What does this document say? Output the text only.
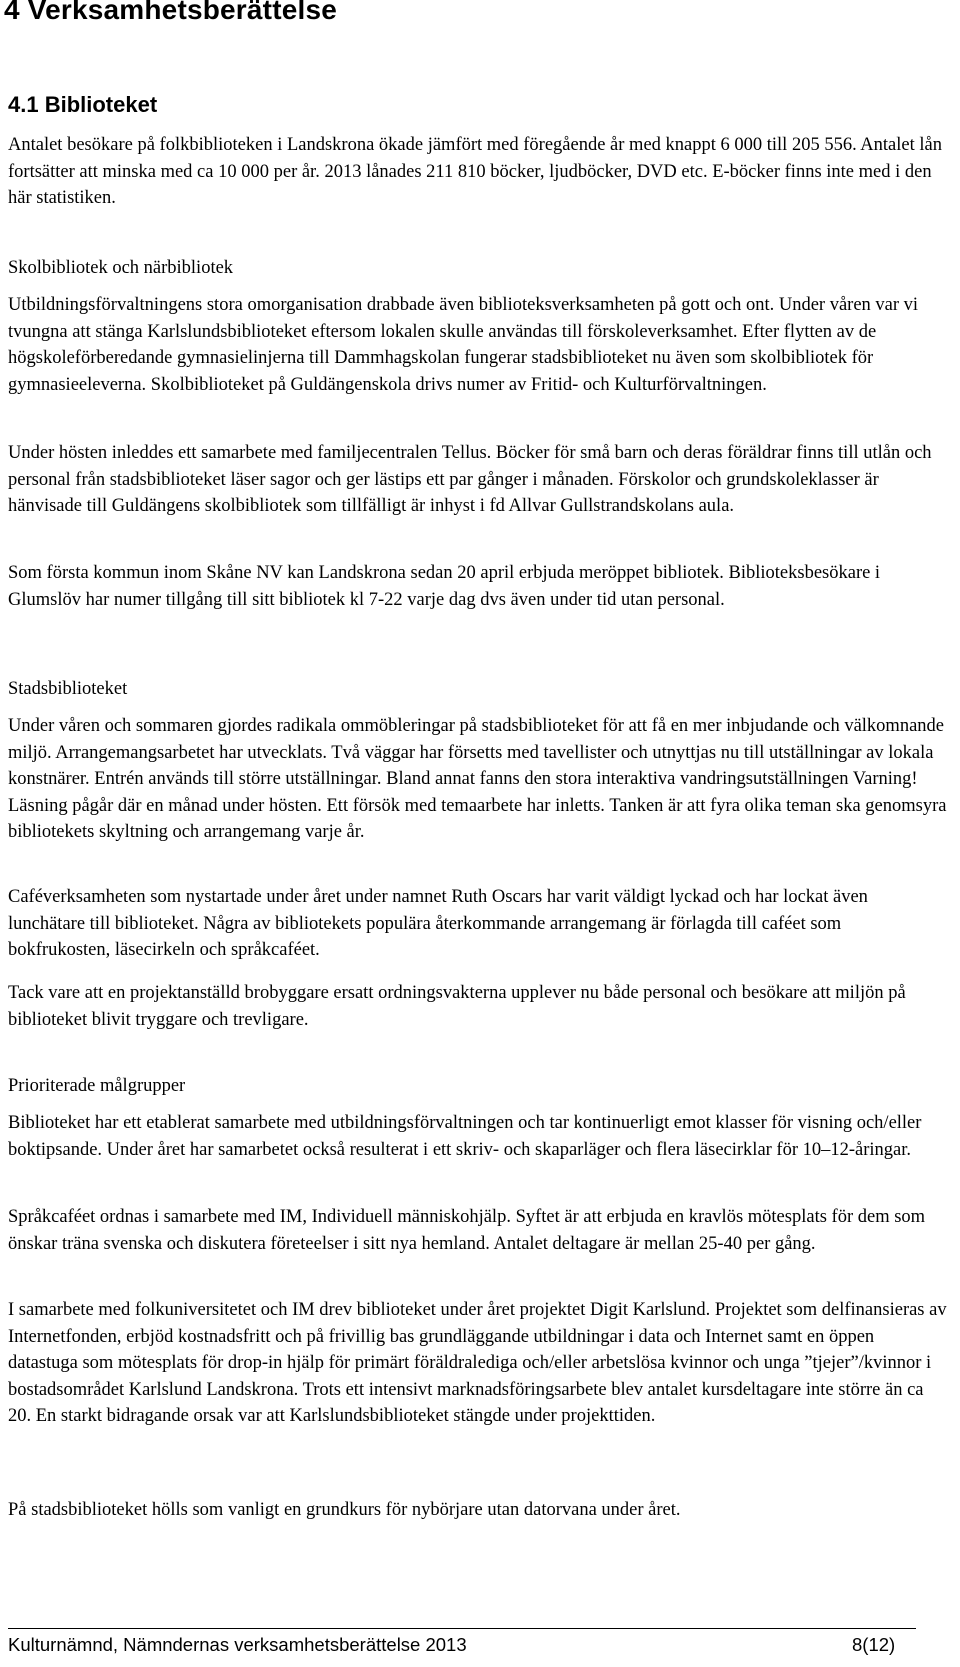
4 Verksamhetsberättelse
4.1 Biblioteket

Antalet besökare på folkbiblioteken i Landskrona ökade jämfört med föregående år med knappt 6 000 till 205 556. Antalet lån fortsätter att minska med ca 10 000 per år. 2013 lånades 211 810 böcker, ljudböcker, DVD etc. E-böcker finns inte med i den här statistiken.

Skolbibliotek och närbibliotek

Utbildningsförvaltningens stora omorganisation drabbade även biblioteksverksamheten på gott och ont. Under våren var vi tvungna att stänga Karlslundsbiblioteket eftersom lokalen skulle användas till förskoleverksamhet. Efter flytten av de högskoleförberedande gymnasielinjerna till Dammhagskolan fungerar stadsbiblioteket nu även som skolbibliotek för gymnasieeleverna. Skolbiblioteket på Guldängenskola drivs numer av Fritid- och Kulturförvaltningen.

Under hösten inleddes ett samarbete med familjecentralen Tellus. Böcker för små barn och deras föräldrar finns till utlån och personal från stadsbiblioteket läser sagor och ger lästips ett par gånger i månaden. Förskolor och grundskoleklasser är hänvisade till Guldängens skolbibliotek som tillfälligt är inhyst i fd Allvar Gullstrandskolans aula.

Som första kommun inom Skåne NV kan Landskrona sedan 20 april erbjuda meröppet bibliotek. Biblioteksbesökare i Glumslöv har numer tillgång till sitt bibliotek kl 7-22 varje dag dvs även under tid utan personal.

Stadsbiblioteket

Under våren och sommaren gjordes radikala ommöbleringar på stadsbiblioteket för att få en mer inbjudande och välkomnande miljö. Arrangemangsarbetet har utvecklats. Två väggar har försetts med tavellister och utnyttjas nu till utställningar av lokala konstnärer. Entrén används till större utställningar. Bland annat fanns den stora interaktiva vandringsutställningen Varning! Läsning pågår där en månad under hösten. Ett försök med temaarbete har inletts. Tanken är att fyra olika teman ska genomsyra bibliotekets skyltning och arrangemang varje år.

Caféverksamheten som nystartade under året under namnet Ruth Oscars har varit väldigt lyckad och har lockat även lunchätare till biblioteket. Några av bibliotekets populära återkommande arrangemang är förlagda till caféet som bokfrukosten, läsecirkeln och språkcaféet.

Tack vare att en projektanställd brobyggare ersatt ordningsvakterna upplever nu både personal och besökare att miljön på biblioteket blivit tryggare och trevligare.

Prioriterade målgrupper

Biblioteket har ett etablerat samarbete med utbildningsförvaltningen och tar kontinuerligt emot klasser för visning och/eller boktipsande. Under året har samarbetet också resulterat i ett skriv- och skaparläger och flera läsecirklar för 10–12-åringar.

Språkcaféet ordnas i samarbete med IM, Individuell människohjälp. Syftet är att erbjuda en kravlös mötesplats för dem som önskar träna svenska och diskutera företeelser i sitt nya hemland. Antalet deltagare är mellan 25-40 per gång.

I samarbete med folkuniversitetet och IM drev biblioteket under året projektet Digit Karlslund. Projektet som delfinansieras av Internetfonden, erbjöd kostnadsfritt och på frivillig bas grundläggande utbildningar i data och Internet samt en öppen datastuga som mötesplats för drop-in hjälp för primärt föräldralediga och/eller arbetslösa kvinnor och unga ”tjejer”/kvinnor i bostadsområdet Karlslund Landskrona. Trots ett intensivt marknadsföringsarbete blev antalet kursdeltagare inte större än ca 20. En starkt bidragande orsak var att Karlslundsbiblioteket stängde under projekttiden.

På stadsbiblioteket hölls som vanligt en grundkurs för nybörjare utan datorvana under året.

Kulturnämnd, Nämndernas verksamhetsberättelse 2013	8(12)
